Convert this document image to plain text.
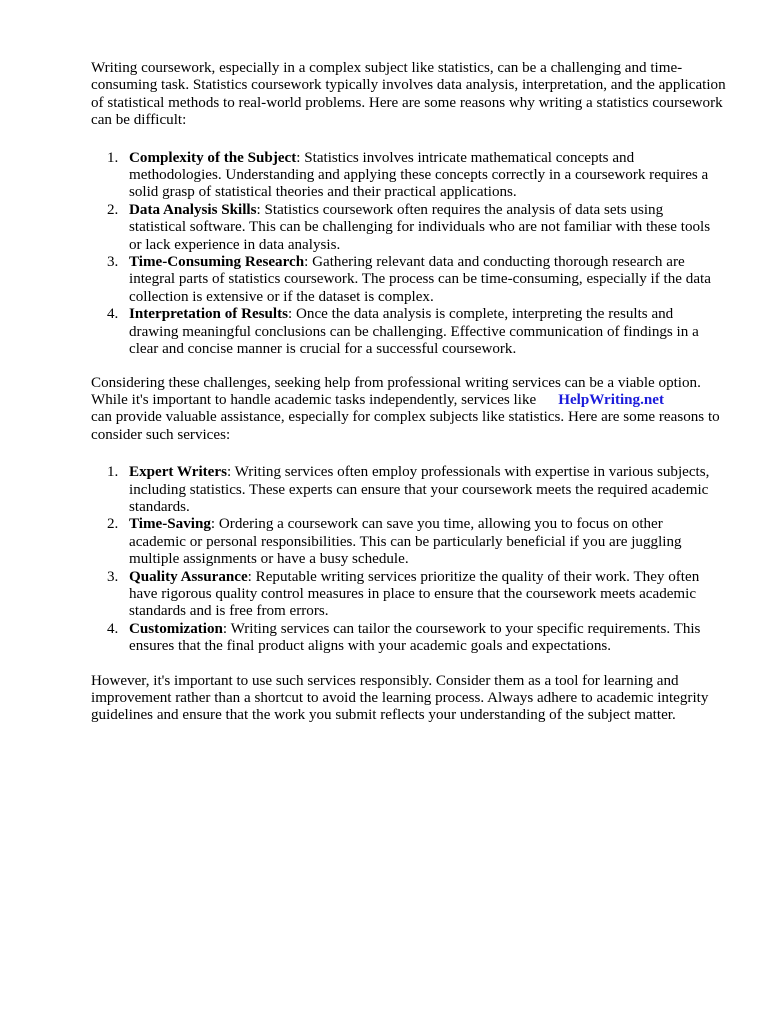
Writing coursework, especially in a complex subject like statistics, can be a challenging and time-consuming task. Statistics coursework typically involves data analysis, interpretation, and the application of statistical methods to real-world problems. Here are some reasons why writing a statistics coursework can be difficult:

1. Complexity of the Subject: Statistics involves intricate mathematical concepts and methodologies. Understanding and applying these concepts correctly in a coursework requires a solid grasp of statistical theories and their practical applications.
2. Data Analysis Skills: Statistics coursework often requires the analysis of data sets using statistical software. This can be challenging for individuals who are not familiar with these tools or lack experience in data analysis.
3. Time-Consuming Research: Gathering relevant data and conducting thorough research are integral parts of statistics coursework. The process can be time-consuming, especially if the data collection is extensive or if the dataset is complex.
4. Interpretation of Results: Once the data analysis is complete, interpreting the results and drawing meaningful conclusions can be challenging. Effective communication of findings in a clear and concise manner is crucial for a successful coursework.

Considering these challenges, seeking help from professional writing services can be a viable option. While it's important to handle academic tasks independently, services like HelpWriting.net
can provide valuable assistance, especially for complex subjects like statistics. Here are some reasons to consider such services:

1. Expert Writers: Writing services often employ professionals with expertise in various subjects, including statistics. These experts can ensure that your coursework meets the required academic standards.
2. Time-Saving: Ordering a coursework can save you time, allowing you to focus on other academic or personal responsibilities. This can be particularly beneficial if you are juggling multiple assignments or have a busy schedule.
3. Quality Assurance: Reputable writing services prioritize the quality of their work. They often have rigorous quality control measures in place to ensure that the coursework meets academic standards and is free from errors.
4. Customization: Writing services can tailor the coursework to your specific requirements. This ensures that the final product aligns with your academic goals and expectations.

However, it's important to use such services responsibly. Consider them as a tool for learning and improvement rather than a shortcut to avoid the learning process. Always adhere to academic integrity guidelines and ensure that the work you submit reflects your understanding of the subject matter.
